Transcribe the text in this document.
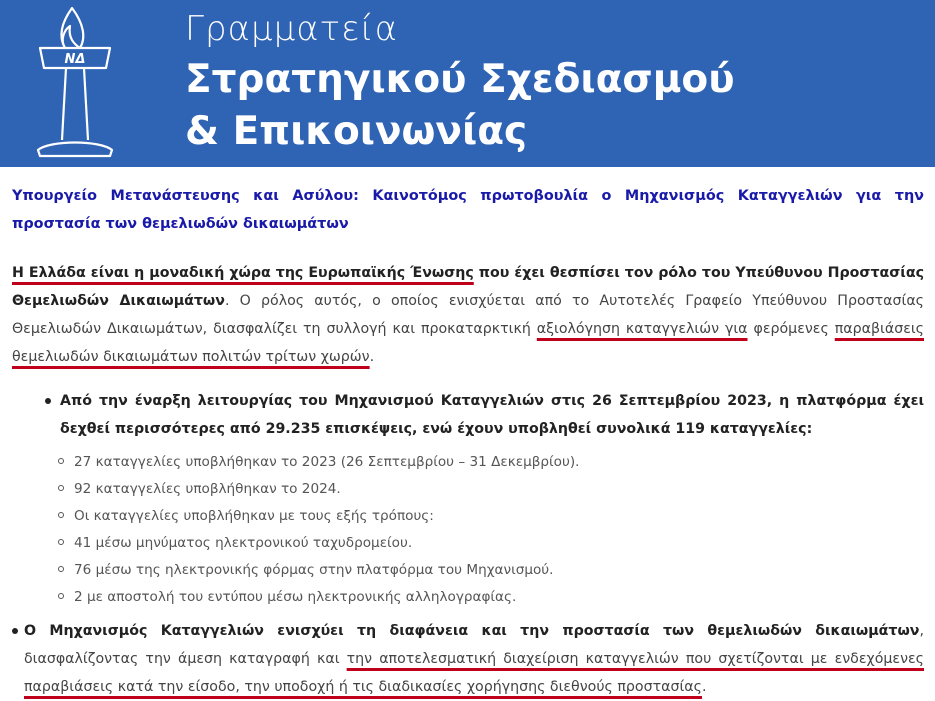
ΝΔ
Γραμματεία
Στρατηγικού Σχεδιασμού
& Επικοινωνίας

Υπουργείο Μετανάστευσης και Ασύλου: Καινοτόμος πρωτοβουλία ο Μηχανισμός Καταγγελιών για την προστασία των θεμελιωδών δικαιωμάτων

Η Ελλάδα είναι η μοναδική χώρα της Ευρωπαϊκής Ένωσης που έχει θεσπίσει τον ρόλο του Υπεύθυνου Προστασίας Θεμελιωδών Δικαιωμάτων. Ο ρόλος αυτός, ο οποίος ενισχύεται από το Αυτοτελές Γραφείο Υπεύθυνου Προστασίας Θεμελιωδών Δικαιωμάτων, διασφαλίζει τη συλλογή και προκαταρκτική αξιολόγηση καταγγελιών για φερόμενες παραβιάσεις θεμελιωδών δικαιωμάτων πολιτών τρίτων χωρών.
Από την έναρξη λειτουργίας του Μηχανισμού Καταγγελιών στις 26 Σεπτεμβρίου 2023, η πλατφόρμα έχει δεχθεί περισσότερες από 29.235 επισκέψεις, ενώ έχουν υποβληθεί συνολικά 119 καταγγελίες:
27 καταγγελίες υποβλήθηκαν το 2023 (26 Σεπτεμβρίου – 31 Δεκεμβρίου).
92 καταγγελίες υποβλήθηκαν το 2024.
Οι καταγγελίες υποβλήθηκαν με τους εξής τρόπους:
41 μέσω μηνύματος ηλεκτρονικού ταχυδρομείου.
76 μέσω της ηλεκτρονικής φόρμας στην πλατφόρμα του Μηχανισμού.
2 με αποστολή του εντύπου μέσω ηλεκτρονικής αλληλογραφίας.
Ο Μηχανισμός Καταγγελιών ενισχύει τη διαφάνεια και την προστασία των θεμελιωδών δικαιωμάτων, διασφαλίζοντας την άμεση καταγραφή και την αποτελεσματική διαχείριση καταγγελιών που σχετίζονται με ενδεχόμενες παραβιάσεις κατά την είσοδο, την υποδοχή ή τις διαδικασίες χορήγησης διεθνούς προστασίας.
